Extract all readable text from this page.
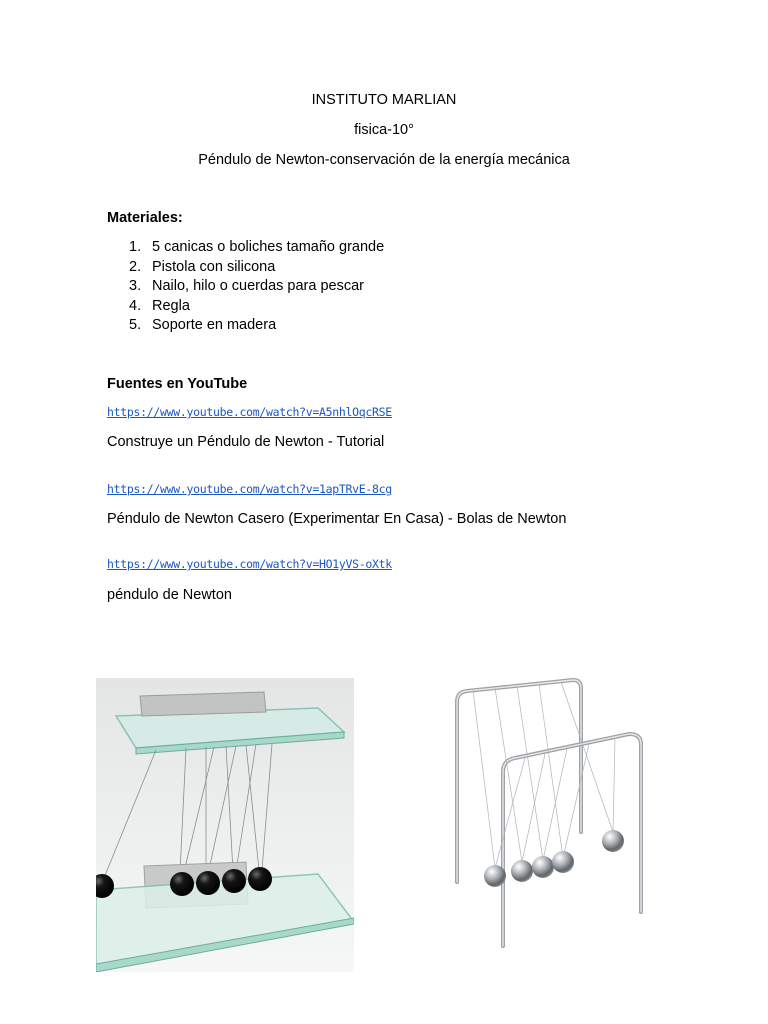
INSTITUTO MARLIAN
fisica-10°
Péndulo de Newton-conservación de la energía mecánica
Materiales:
1. 5 canicas o boliches tamaño grande
2. Pistola con silicona
3. Nailo, hilo o cuerdas para pescar
4. Regla
5. Soporte en madera
Fuentes en YouTube
https://www.youtube.com/watch?v=A5nhlOqcRSE
Construye un Péndulo de Newton - Tutorial
https://www.youtube.com/watch?v=1apTRvE-8cg
Péndulo de Newton Casero (Experimentar En Casa) - Bolas de Newton
https://www.youtube.com/watch?v=HO1yVS-oXtk
péndulo de Newton
